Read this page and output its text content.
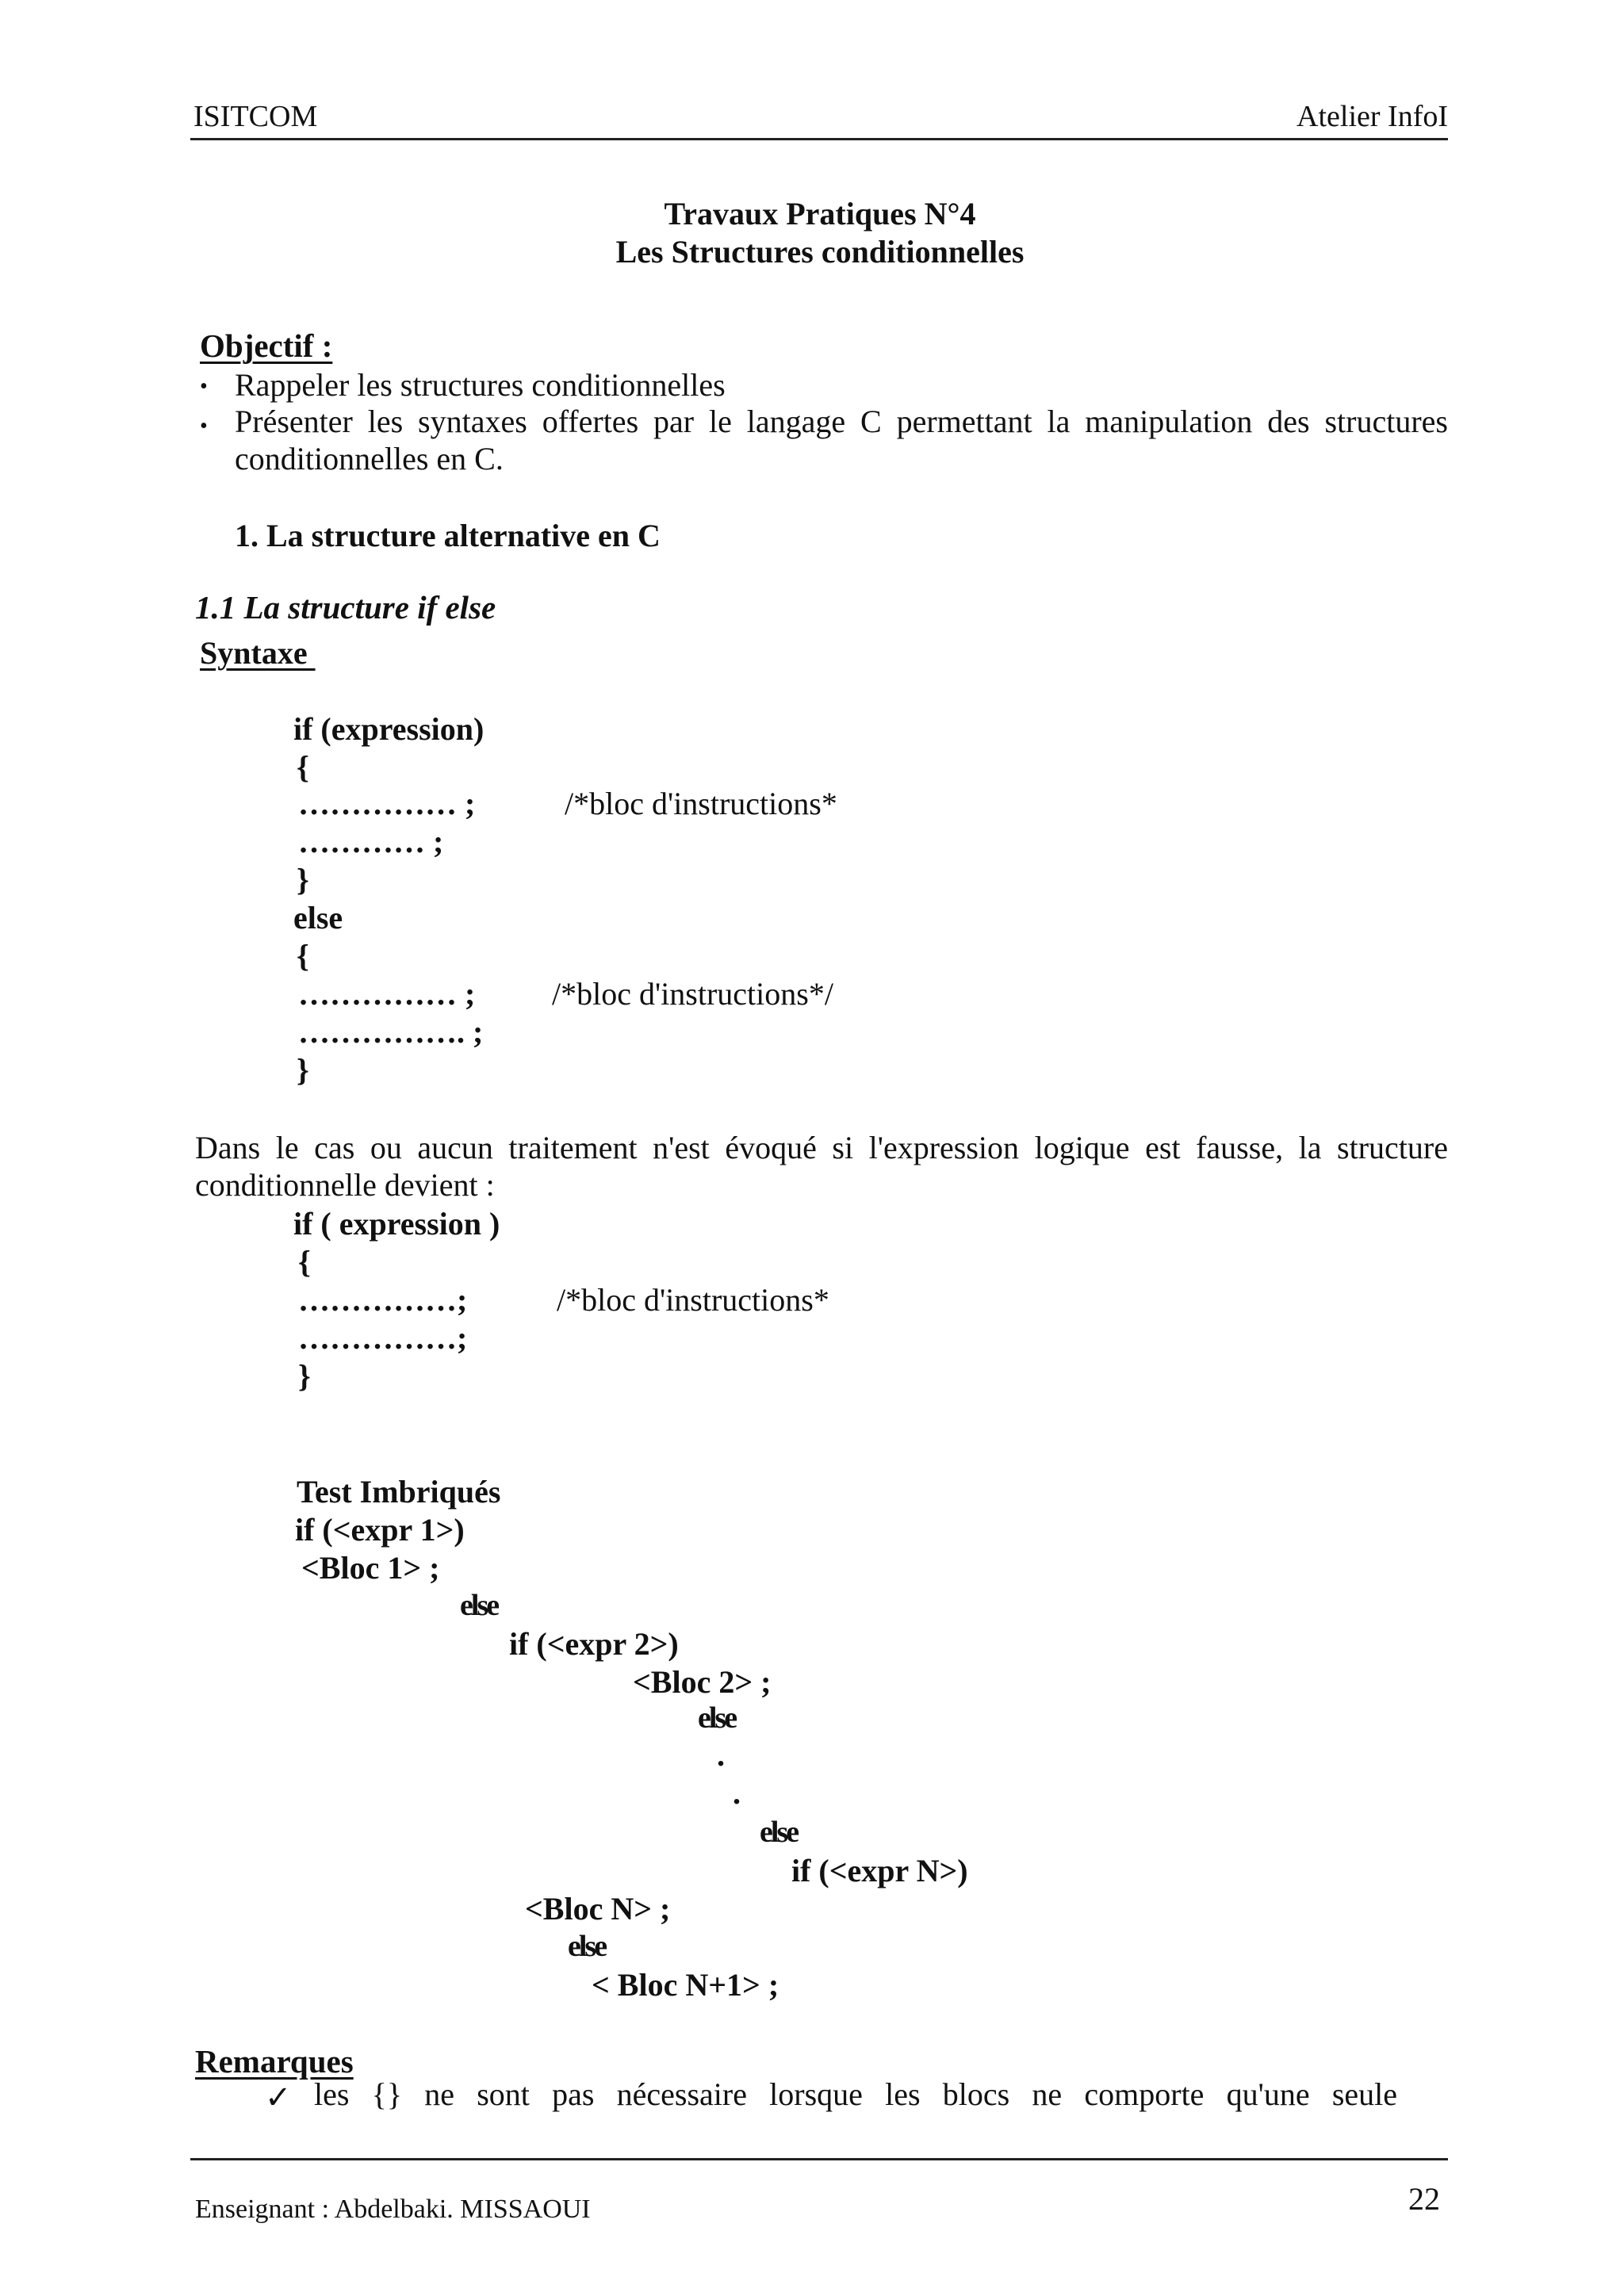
ISITCOM	Atelier InfoI
Travaux Pratiques N°4
Les Structures conditionnelles
Objectif :
• Rappeler les structures conditionnelles
• Présenter les syntaxes offertes par le langage C permettant la manipulation des structures conditionnelles en C.
1. La structure alternative en C
1.1 La structure if else
Syntaxe
if (expression)
{
…………… ;	/*bloc d'instructions*
………… ;
}
else
{
…………… ; /*bloc d'instructions*/
……………. ;
}
Dans le cas ou aucun traitement n'est évoqué si l'expression logique est fausse, la structure conditionnelle devient :
if ( expression )
{
……………;	/*bloc d'instructions*
……………;
}
Test Imbriqués
if (<expr 1>)
<Bloc 1> ;
else
if (<expr 2>)
<Bloc 2> ;
else
.
.
else
if (<expr N>)
<Bloc N> ;
else
< Bloc N+1> ;
Remarques
✓ les {} ne sont pas nécessaire lorsque les blocs ne comporte qu'une seule
Enseignant : Abdelbaki. MISSAOUI	22
